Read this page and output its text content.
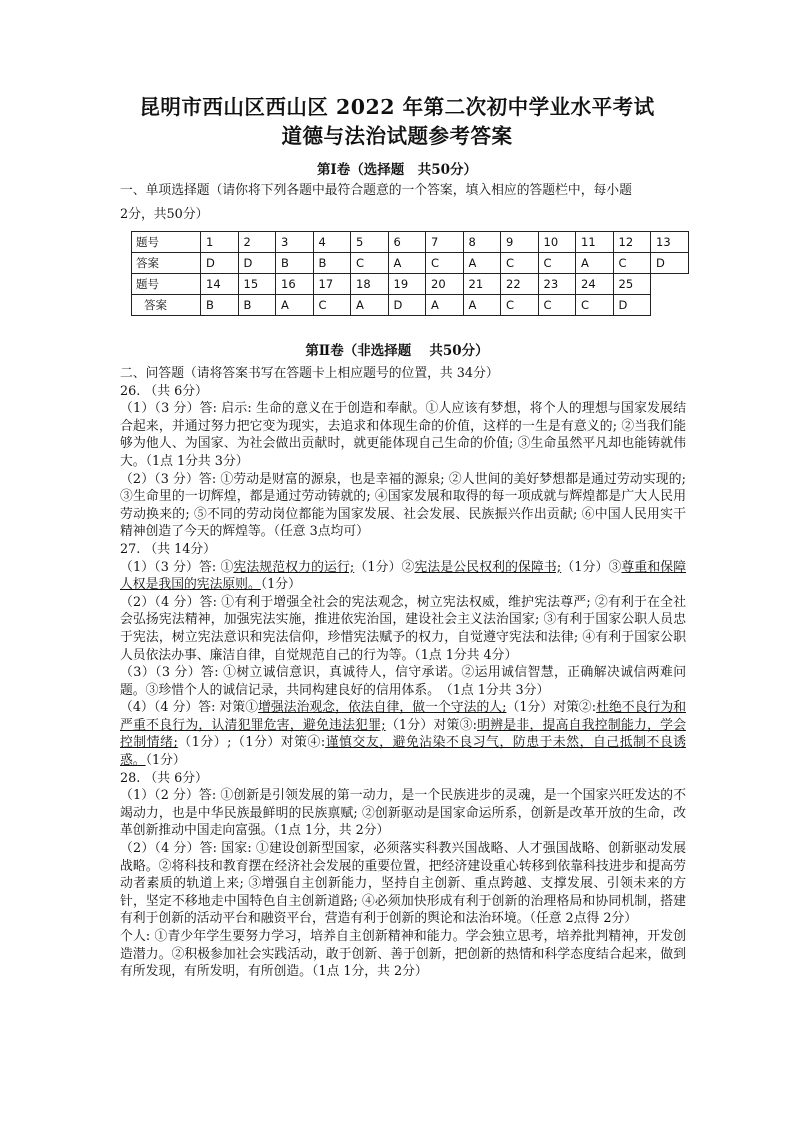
昆明市西山区西山区 2022 年第二次初中学业水平考试
道德与法治试题参考答案
第Ⅰ卷（选择题　共50分）

一、单项选择题（请你将下列各题中最符合题意的一个答案，填入相应的答题栏中，每小题

2分，共50分）

题号	1	2	3	4	5	6	7	8	9	10	11	12	13
答案	D	D	B	B	C	A	C	A	C	C	A	C	D
题号	14	15	16	17	18	19	20	21	22	23	24	25	
答案	B	B	A	C	A	D	A	A	C	C	C	D	
第Ⅱ卷（非选择题　 共50分）

二、问答题（请将答案书写在答题卡上相应题号的位置，共 34分）

26. （共 6分）

（1）（3 分）答: 启示: 生命的意义在于创造和奉献。①人应该有梦想，将个人的理想与国家发展结合起来，并通过努力把它变为现实，去追求和体现生命的价值，这样的一生是有意义的; ②当我们能够为他人、为国家、为社会做出贡献时，就更能体现自己生命的价值; ③生命虽然平凡却也能铸就伟大。（1点 1分共 3分）

（2）（3 分）答: ①劳动是财富的源泉，也是幸福的源泉; ②人世间的美好梦想都是通过劳动实现的; ③生命里的一切辉煌，都是通过劳动铸就的; ④国家发展和取得的每一项成就与辉煌都是广大人民用劳动换来的; ⑤不同的劳动岗位都能为国家发展、社会发展、民族振兴作出贡献; ⑥中国人民用实干精神创造了今天的辉煌等。（任意 3点均可）

27. （共 14分）

（1）（3 分）答: ①宪法规范权力的运行;（1分）②宪法是公民权利的保障书;（1分）③尊重和保障人权是我国的宪法原则。（1分）

（2）（4 分）答: ①有利于增强全社会的宪法观念，树立宪法权威，维护宪法尊严; ②有利于在全社会弘扬宪法精神，加强宪法实施，推进依宪治国，建设社会主义法治国家; ③有利于国家公职人员忠于宪法，树立宪法意识和宪法信仰，珍惜宪法赋予的权力，自觉遵守宪法和法律; ④有利于国家公职人员依法办事、廉洁自律，自觉规范自己的行为等。（1点 1分共 4分）

（3）（3 分）答: ①树立诚信意识，真诚待人，信守承诺。②运用诚信智慧，正确解决诚信两难问题。③珍惜个人的诚信记录，共同构建良好的信用体系。　（1点 1分共 3分）

（4）（4 分）答: 对策①增强法治观念，依法自律，做一个守法的人;（1分）对策②:杜绝不良行为和严重不良行为，认清犯罪危害，避免违法犯罪;（1分）对策③:明辨是非，提高自我控制能力，学会控制情绪;（1分）;（1分）对策④:谨慎交友，避免沾染不良习气，防患于未然，自己抵制不良诱惑。（1分）

28. （共 6分）

（1）（2 分）答: ①创新是引领发展的第一动力，是一个民族进步的灵魂，是一个国家兴旺发达的不竭动力，也是中华民族最鲜明的民族禀赋; ②创新驱动是国家命运所系，创新是改革开放的生命，改革创新推动中国走向富强。（1点 1分，共 2分）

（2）（4 分）答: 国家: ①建设创新型国家，必须落实科教兴国战略、人才强国战略、创新驱动发展战略。②将科技和教育摆在经济社会发展的重要位置，把经济建设重心转移到依靠科技进步和提高劳动者素质的轨道上来; ③增强自主创新能力，坚持自主创新、重点跨越、支撑发展、引领未来的方针，坚定不移地走中国特色自主创新道路; ④必须加快形成有利于创新的治理格局和协同机制，搭建有利于创新的活动平台和融资平台，营造有利于创新的舆论和法治环境。（任意 2点得 2分）

个人: ①青少年学生要努力学习，培养自主创新精神和能力。学会独立思考，培养批判精神，开发创造潜力。②积极参加社会实践活动，敢于创新、善于创新，把创新的热情和科学态度结合起来，做到有所发现，有所发明，有所创造。（1点 1分，共 2分）
